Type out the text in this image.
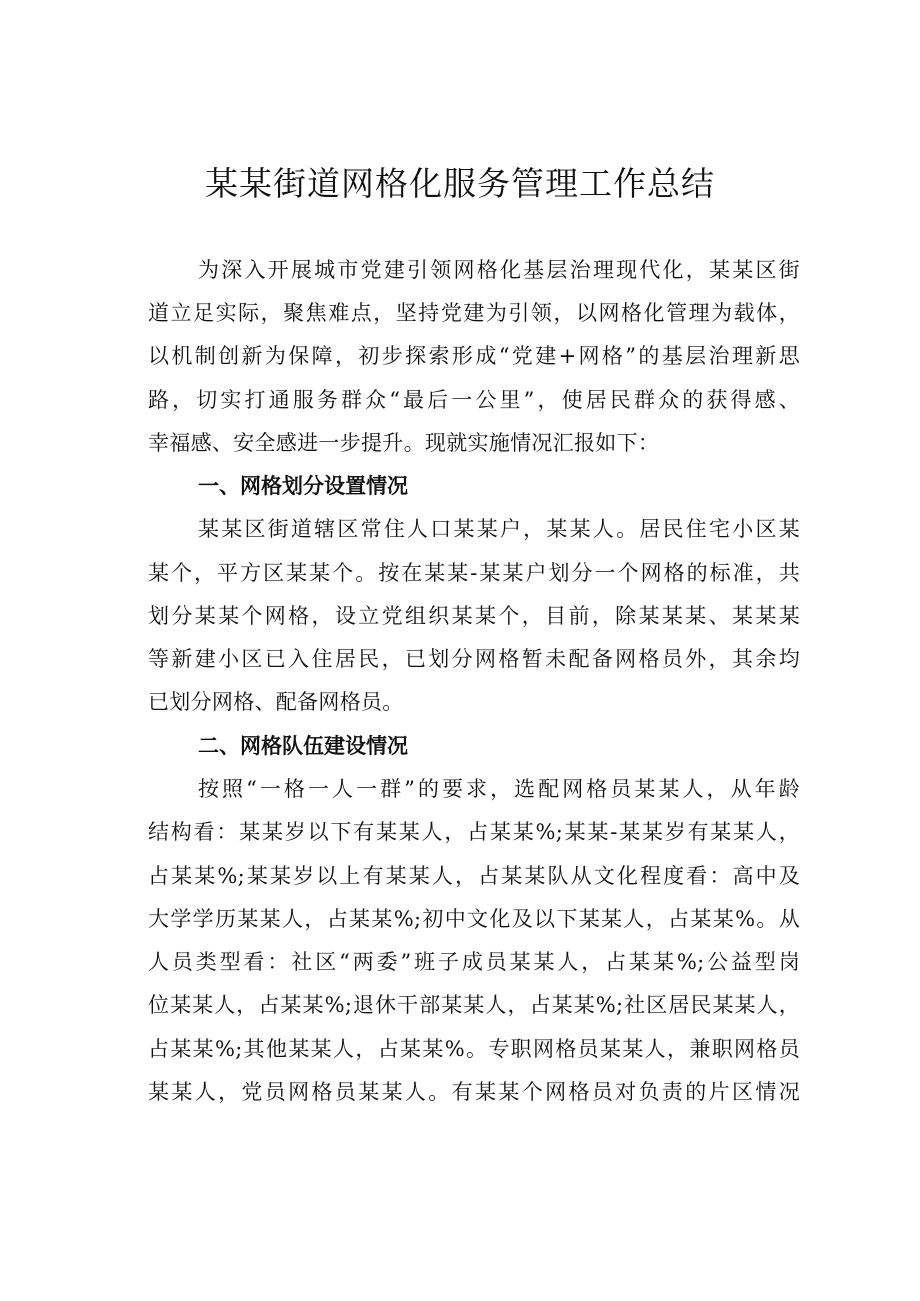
某某街道网格化服务管理工作总结
为深入开展城市党建引领网格化基层治理现代化，某某区街
道立足实际，聚焦难点，坚持党建为引领，以网格化管理为载体，
以机制创新为保障，初步探索形成“党建+网格”的基层治理新思
路，切实打通服务群众“最后一公里”，使居民群众的获得感、
幸福感、安全感进一步提升。现就实施情况汇报如下：
一、网格划分设置情况
某某区街道辖区常住人口某某户，某某人。居民住宅小区某
某个，平方区某某个。按在某某-某某户划分一个网格的标准，共
划分某某个网格，设立党组织某某个，目前，除某某某、某某某
等新建小区已入住居民，已划分网格暂未配备网格员外，其余均
已划分网格、配备网格员。
二、网格队伍建设情况
按照“一格一人一群”的要求，选配网格员某某人，从年龄
结构看：某某岁以下有某某人，占某某%;某某-某某岁有某某人，
占某某%;某某岁以上有某某人，占某某队从文化程度看：高中及
大学学历某某人，占某某%;初中文化及以下某某人，占某某%。从
人员类型看：社区“两委”班子成员某某人，占某某%;公益型岗
位某某人，占某某%;退休干部某某人，占某某%;社区居民某某人，
占某某%;其他某某人，占某某%。专职网格员某某人，兼职网格员
某某人，党员网格员某某人。有某某个网格员对负责的片区情况
